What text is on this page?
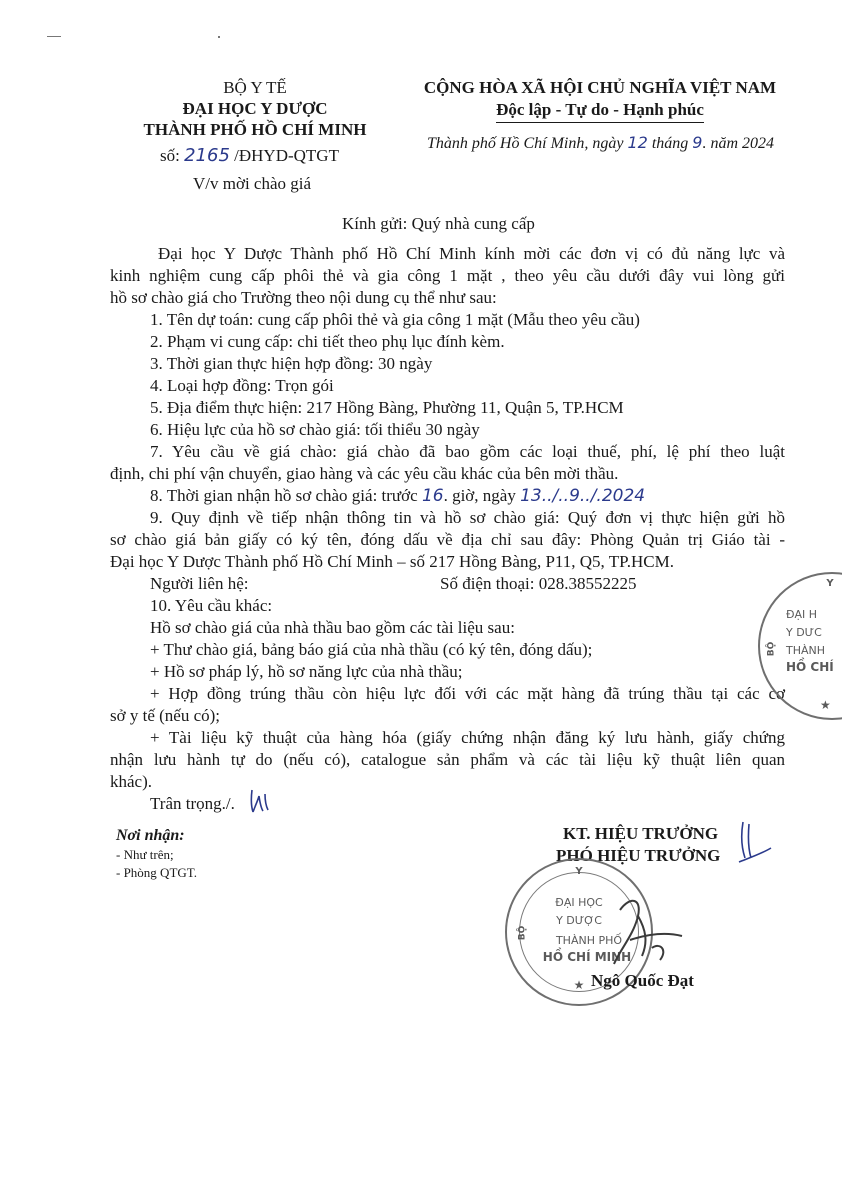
BỘ Y TẾ
ĐẠI HỌC Y DƯỢC
THÀNH PHỐ HỒ CHÍ MINH
số: 2165 /ĐHYD-QTGT
V/v mời chào giá
CỘNG HÒA XÃ HỘI CHỦ NGHĨA VIỆT NAM
Độc lập - Tự do - Hạnh phúc
Thành phố Hồ Chí Minh, ngày 12 tháng 9. năm 2024
Kính gửi: Quý nhà cung cấp
Đại học Y Dược Thành phố Hồ Chí Minh kính mời các đơn vị có đủ năng lực và
kinh nghiệm cung cấp phôi thẻ và gia công 1 mặt , theo yêu cầu dưới đây vui lòng gửi
hồ sơ chào giá cho Trường theo nội dung cụ thể như sau:
1. Tên dự toán: cung cấp phôi thẻ và gia công 1 mặt (Mẫu theo yêu cầu)
2. Phạm vi cung cấp: chi tiết theo phụ lục đính kèm.
3. Thời gian thực hiện hợp đồng: 30 ngày
4. Loại hợp đồng: Trọn gói
5. Địa điểm thực hiện: 217 Hồng Bàng, Phường 11, Quận 5, TP.HCM
6. Hiệu lực của hồ sơ chào giá: tối thiểu 30 ngày
7. Yêu cầu về giá chào: giá chào đã bao gồm các loại thuế, phí, lệ phí theo luật
định, chi phí vận chuyển, giao hàng và các yêu cầu khác của bên mời thầu.
8. Thời gian nhận hồ sơ chào giá: trước 16. giờ, ngày 13../..9../.2024
9. Quy định về tiếp nhận thông tin và hồ sơ chào giá: Quý đơn vị thực hiện gửi hồ
sơ chào giá bản giấy có ký tên, đóng dấu về địa chỉ sau đây: Phòng Quản trị Giáo tài -
Đại học Y Dược Thành phố Hồ Chí Minh – số 217 Hồng Bàng, P11, Q5, TP.HCM.
Người liên hệ:	Số điện thoại: 028.38552225
10. Yêu cầu khác:
Hồ sơ chào giá của nhà thầu bao gồm các tài liệu sau:
+ Thư chào giá, bảng báo giá của nhà thầu (có ký tên, đóng dấu);
+ Hồ sơ pháp lý, hồ sơ năng lực của nhà thầu;
+ Hợp đồng trúng thầu còn hiệu lực đối với các mặt hàng đã trúng thầu tại các cơ
sở y tế (nếu có);
+ Tài liệu kỹ thuật của hàng hóa (giấy chứng nhận đăng ký lưu hành, giấy chứng
nhận lưu hành tự do (nếu có), catalogue sản phẩm và các tài liệu kỹ thuật liên quan
khác).
Trân trọng./.
Nơi nhận:
- Như trên;
- Phòng QTGT.
KT. HIỆU TRƯỞNG
PHÓ HIỆU TRƯỞNG
Y
BỘ
ĐẠI HỌC
Y DƯỢC
THÀNH PHỐ
HỒ CHÍ MINH
★ Ngô Quốc Đạt
Y
BỘ
ĐẠI H
Y DƯC
THÀNH
HỒ CHÍ
★
